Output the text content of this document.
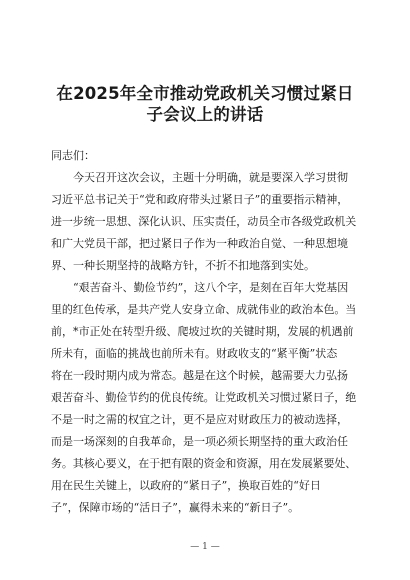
在2025年全市推动党政机关习惯过紧日
子会议上的讲话
同志们：
今天召开这次会议，主题十分明确，就是要深入学习贯彻
习近平总书记关于“党和政府带头过紧日子”的重要指示精神，
进一步统一思想、深化认识、压实责任，动员全市各级党政机关
和广大党员干部，把过紧日子作为一种政治自觉、一种思想境
界、一种长期坚持的战略方针，不折不扣地落到实处。
“艰苦奋斗、勤俭节约”，这八个字，是刻在百年大党基因
里的红色传承，是共产党人安身立命、成就伟业的政治本色。当
前，*市正处在转型升级、爬坡过坎的关键时期，发展的机遇前
所未有，面临的挑战也前所未有。财政收支的“紧平衡”状态
将在一段时期内成为常态。越是在这个时候，越需要大力弘扬
艰苦奋斗、勤俭节约的优良传统。让党政机关习惯过紧日子，绝
不是一时之需的权宜之计，更不是应对财政压力的被动选择，
而是一场深刻的自我革命，是一项必须长期坚持的重大政治任
务。其核心要义，在于把有限的资金和资源，用在发展紧要处、
用在民生关键上，以政府的“紧日子”，换取百姓的“好日
子”，保障市场的“活日子”，赢得未来的“新日子”。
— 1 —
